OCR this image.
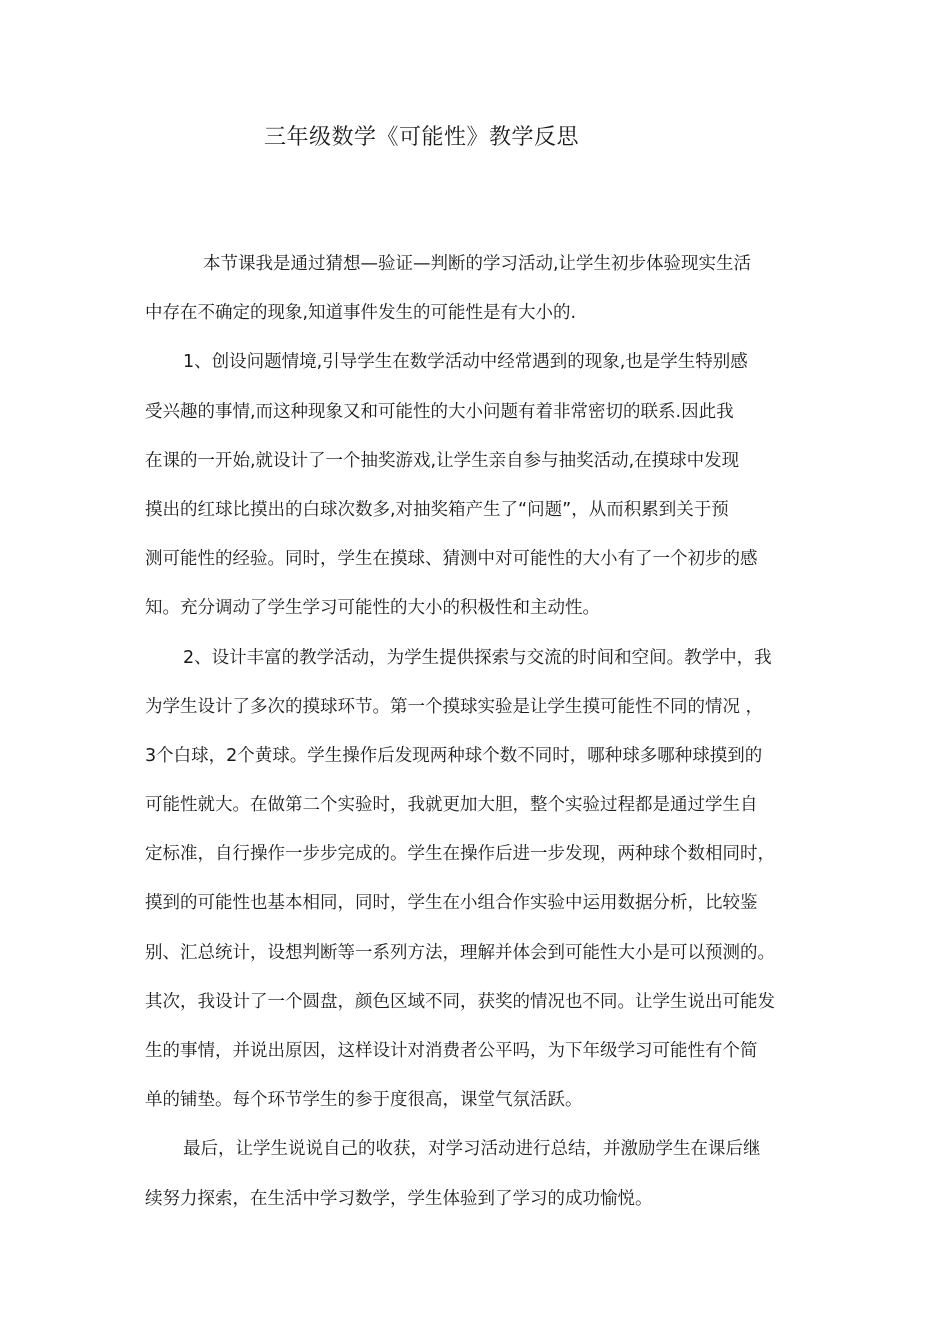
三年级数学《可能性》教学反思
本节课我是通过猜想—验证—判断的学习活动,让学生初步体验现实生活
中存在不确定的现象,知道事件发生的可能性是有大小的.
1、创设问题情境,引导学生在数学活动中经常遇到的现象,也是学生特别感
受兴趣的事情,而这种现象又和可能性的大小问题有着非常密切的联系.因此我
在课的一开始,就设计了一个抽奖游戏,让学生亲自参与抽奖活动,在摸球中发现
摸出的红球比摸出的白球次数多,对抽奖箱产生了“问题”，从而积累到关于预
测可能性的经验。同时，学生在摸球、猜测中对可能性的大小有了一个初步的感
知。充分调动了学生学习可能性的大小的积极性和主动性。
2、设计丰富的教学活动，为学生提供探索与交流的时间和空间。教学中，我
为学生设计了多次的摸球环节。第一个摸球实验是让学生摸可能性不同的情况 ，
3个白球，2个黄球。学生操作后发现两种球个数不同时，哪种球多哪种球摸到的
可能性就大。在做第二个实验时，我就更加大胆，整个实验过程都是通过学生自
定标准，自行操作一步步完成的。学生在操作后进一步发现，两种球个数相同时，
摸到的可能性也基本相同，同时，学生在小组合作实验中运用数据分析，比较鉴
别、汇总统计，设想判断等一系列方法，理解并体会到可能性大小是可以预测的。
其次，我设计了一个圆盘，颜色区域不同，获奖的情况也不同。让学生说出可能发
生的事情，并说出原因，这样设计对消费者公平吗，为下年级学习可能性有个简
单的铺垫。每个环节学生的参于度很高，课堂气氛活跃。
最后，让学生说说自己的收获，对学习活动进行总结，并激励学生在课后继
续努力探索，在生活中学习数学，学生体验到了学习的成功愉悦。
